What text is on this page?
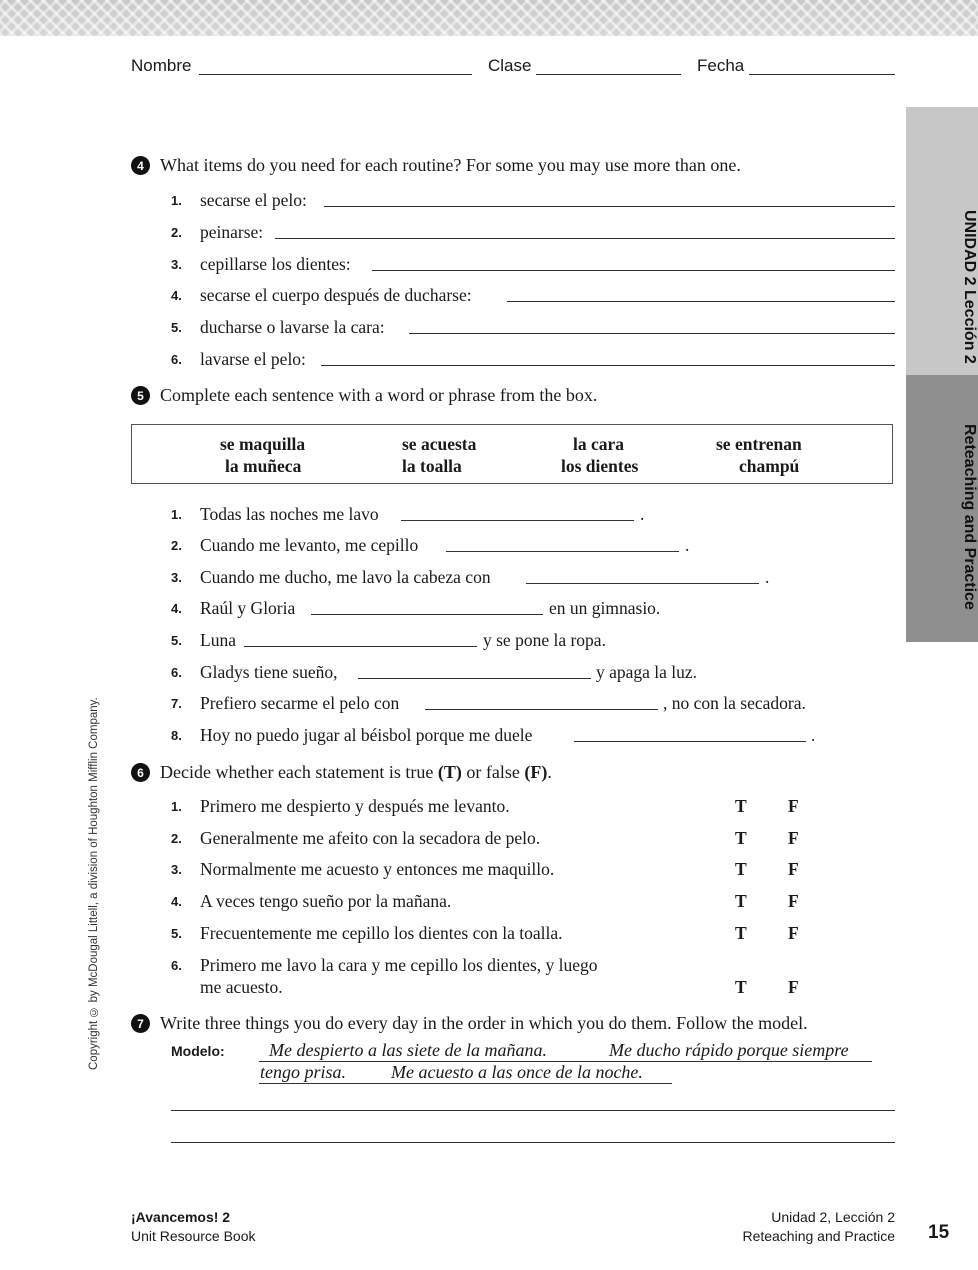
Nombre	Clase	Fecha
UNIDAD 2 Lección 2
Reteaching and Practice
Copyright © by McDougal Littell, a division of Houghton Mifflin Company.
4 What items do you need for each routine? For some you may use more than one.
1.	secarse el pelo:
2.	peinarse:
3.	cepillarse los dientes:
4.	secarse el cuerpo después de ducharse:
5.	ducharse o lavarse la cara:
6.	lavarse el pelo:
5 Complete each sentence with a word or phrase from the box.
se maquilla	se acuesta	la cara	se entrenan
la muñeca	la toalla	los dientes	champú
1.	Todas las noches me lavo	.
2.	Cuando me levanto, me cepillo	.
3.	Cuando me ducho, me lavo la cabeza con	.
4.	Raúl y Gloria	en un gimnasio.
5.	Luna	y se pone la ropa.
6.	Gladys tiene sueño,	y apaga la luz.
7.	Prefiero secarme el pelo con	, no con la secadora.
8.	Hoy no puedo jugar al béisbol porque me duele	.
6 Decide whether each statement is true (T) or false (F).
1.	Primero me despierto y después me levanto.	T F
2.	Generalmente me afeito con la secadora de pelo.	T F
3.	Normalmente me acuesto y entonces me maquillo.	T F
4.	A veces tengo sueño por la mañana.	T F
5.	Frecuentemente me cepillo los dientes con la toalla.	T F
6.	Primero me lavo la cara y me cepillo los dientes, y luego
me acuesto.	T F
7 Write three things you do every day in the order in which you do them. Follow the model.
Modelo: Me despierto a las siete de la mañana.	Me ducho rápido porque siempre
tengo prisa. Me acuesto a las once de la noche.
¡Avancemos! 2
Unit Resource Book
Unidad 2, Lección 2
Reteaching and Practice 15
